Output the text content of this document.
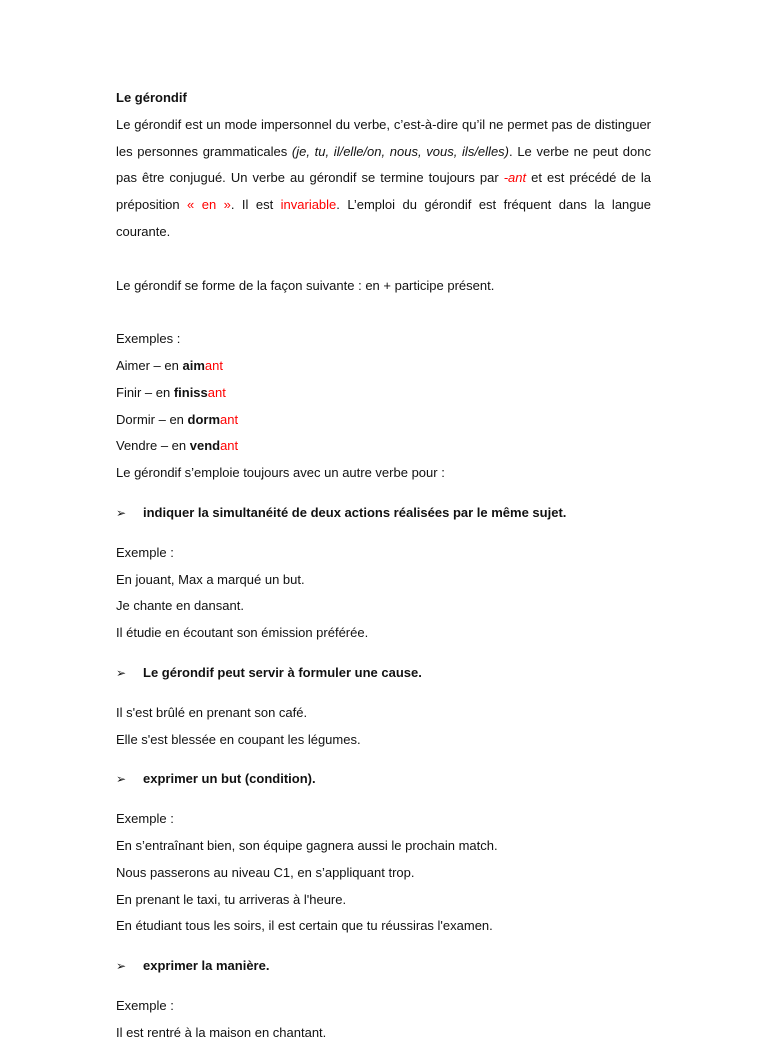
Le gérondif

Le gérondif est un mode impersonnel du verbe, c’est-à-dire qu’il ne permet pas de distinguer les personnes grammaticales (je, tu, il/elle/on, nous, vous, ils/elles). Le verbe ne peut donc pas être conjugué. Un verbe au gérondif se termine toujours par -ant et est précédé de la préposition « en ». Il est invariable. L’emploi du gérondif est fréquent dans la langue courante.

Le gérondif se forme de la façon suivante : en + participe présent.

Exemples :

Aimer – en aimant

Finir – en finissant

Dormir – en dormant

Vendre – en vendant

Le gérondif s’emploie toujours avec un autre verbe pour :

➢ indiquer la simultanéité de deux actions réalisées par le même sujet.

Exemple :

En jouant, Max a marqué un but.

Je chante en dansant.

Il étudie en écoutant son émission préférée.

➢ Le gérondif peut servir à formuler une cause.

Il s'est brûlé en prenant son café.

Elle s'est blessée en coupant les légumes.

➢ exprimer un but (condition).

Exemple :

En s’entraînant bien, son équipe gagnera aussi le prochain match.

Nous passerons au niveau C1, en s’appliquant trop.

En prenant le taxi, tu arriveras à l'heure.

En étudiant tous les soirs, il est certain que tu réussiras l'examen.

➢ exprimer la manière.

Exemple :

Il est rentré à la maison en chantant.
